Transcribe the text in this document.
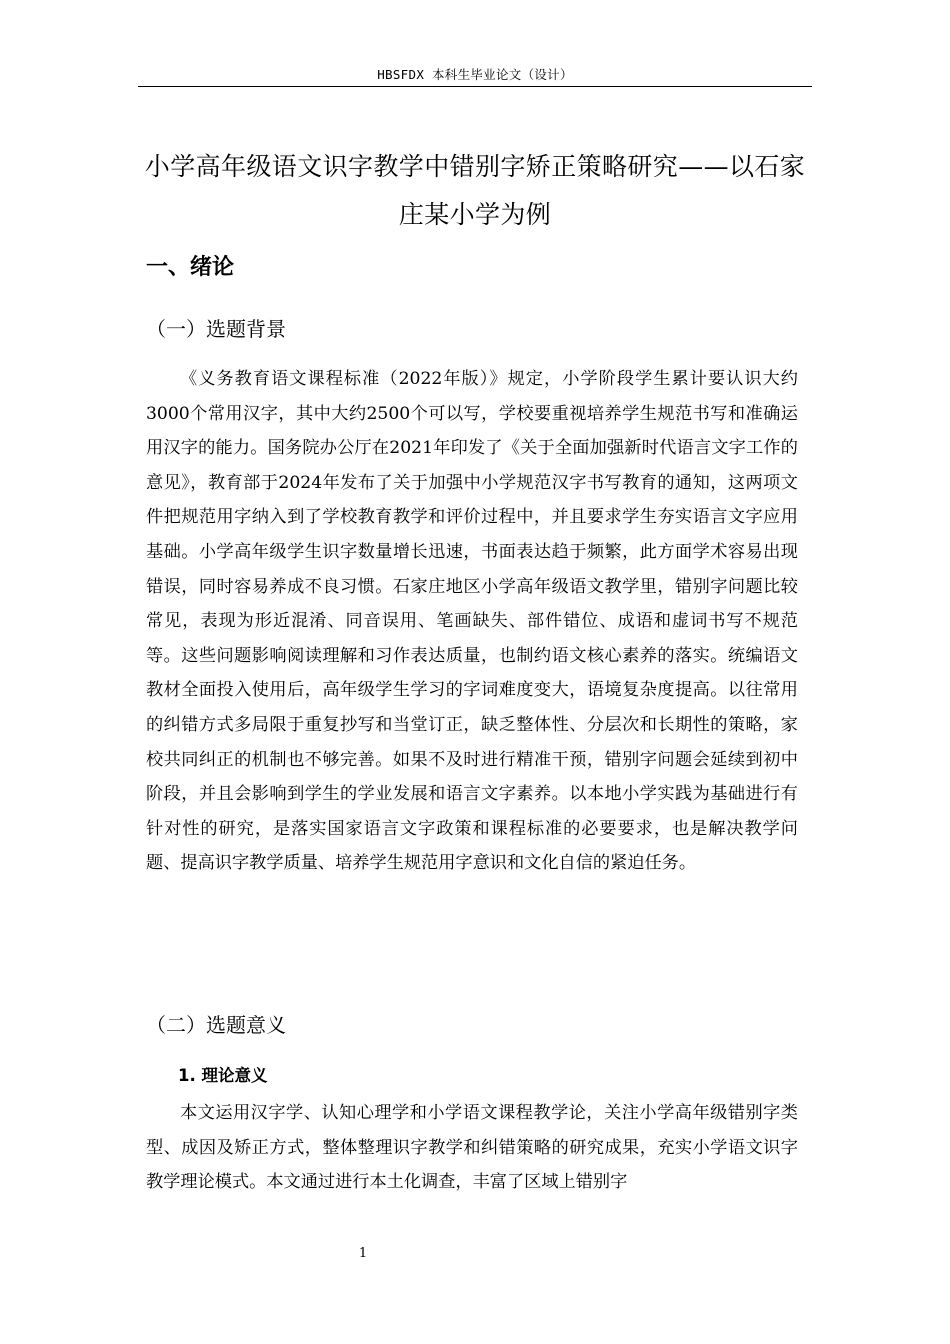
HBSFDX 本科生毕业论文（设计）
小学高年级语文识字教学中错别字矫正策略研究——以石家庄某小学为例
一、绪论
（一）选题背景

《义务教育语文课程标准（2022年版）》规定，小学阶段学生累计要认识大约3000个常用汉字，其中大约2500个可以写，学校要重视培养学生规范书写和准确运用汉字的能力。国务院办公厅在2021年印发了《关于全面加强新时代语言文字工作的意见》，教育部于2024年发布了关于加强中小学规范汉字书写教育的通知，这两项文件把规范用字纳入到了学校教育教学和评价过程中，并且要求学生夯实语言文字应用基础。小学高年级学生识字数量增长迅速，书面表达趋于频繁，此方面学术容易出现错误，同时容易养成不良习惯。石家庄地区小学高年级语文教学里，错别字问题比较常见，表现为形近混淆、同音误用、笔画缺失、部件错位、成语和虚词书写不规范等。这些问题影响阅读理解和习作表达质量，也制约语文核心素养的落实。统编语文教材全面投入使用后，高年级学生学习的字词难度变大，语境复杂度提高。以往常用的纠错方式多局限于重复抄写和当堂订正，缺乏整体性、分层次和长期性的策略，家校共同纠正的机制也不够完善。如果不及时进行精准干预，错别字问题会延续到初中阶段，并且会影响到学生的学业发展和语言文字素养。以本地小学实践为基础进行有针对性的研究，是落实国家语言文字政策和课程标准的必要要求，也是解决教学问题、提高识字教学质量、培养学生规范用字意识和文化自信的紧迫任务。

（二）选题意义
1. 理论意义

本文运用汉字学、认知心理学和小学语文课程教学论，关注小学高年级错别字类型、成因及矫正方式，整体整理识字教学和纠错策略的研究成果，充实小学语文识字教学理论模式。本文通过进行本土化调查，丰富了区域上错别字

1
